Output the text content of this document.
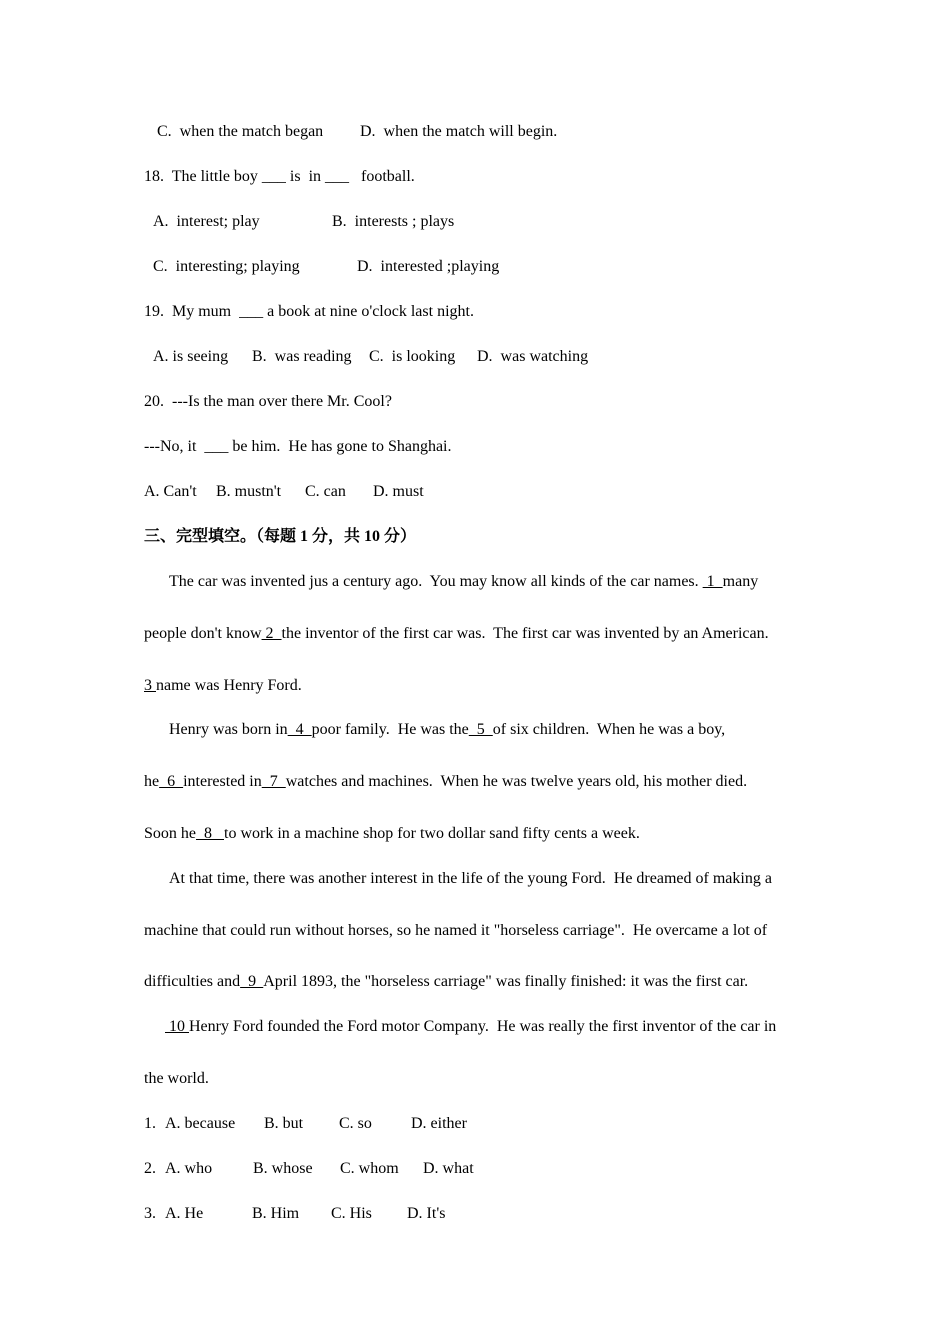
C.  when the match began D.  when the match will begin.
18.  The little boy ___ is  in ___   football.
A.  interest; play	B.  interests ; plays
C.  interesting; playing	D.  interested ;playing
19.  My mum  ___ a book at nine o'clock last night.
A. is seeing B.  was reading C.  is looking D.  was watching
20.  ---Is the man over there Mr. Cool?
---No, it  ___ be him.  He has gone to Shanghai.
A. Can't B. mustn't C. can D. must
三、完型填空。（每题 1 分，共 10 分）
The car was invented jus a century ago.  You may know all kinds of the car names.  1  many
people don't know 2  the inventor of the first car was.  The first car was invented by an American.
3 name was Henry Ford.
Henry was born in  4  poor family.  He was the  5  of six children.  When he was a boy,
he  6  interested in  7  watches and machines.  When he was twelve years old, his mother died.
Soon he  8   to work in a machine shop for two dollar sand fifty cents a week.
At that time, there was another interest in the life of the young Ford.  He dreamed of making a
machine that could run without horses, so he named it "horseless carriage".  He overcame a lot of
difficulties and  9  April 1893, the "horseless carriage" was finally finished: it was the first car.
10 Henry Ford founded the Ford motor Company.  He was really the first inventor of the car in
the world.
1. A. because B. but C. so D. either
2. A. who	B. whose C. whom D. what
3. A. He	B. Him C. His D. It's
